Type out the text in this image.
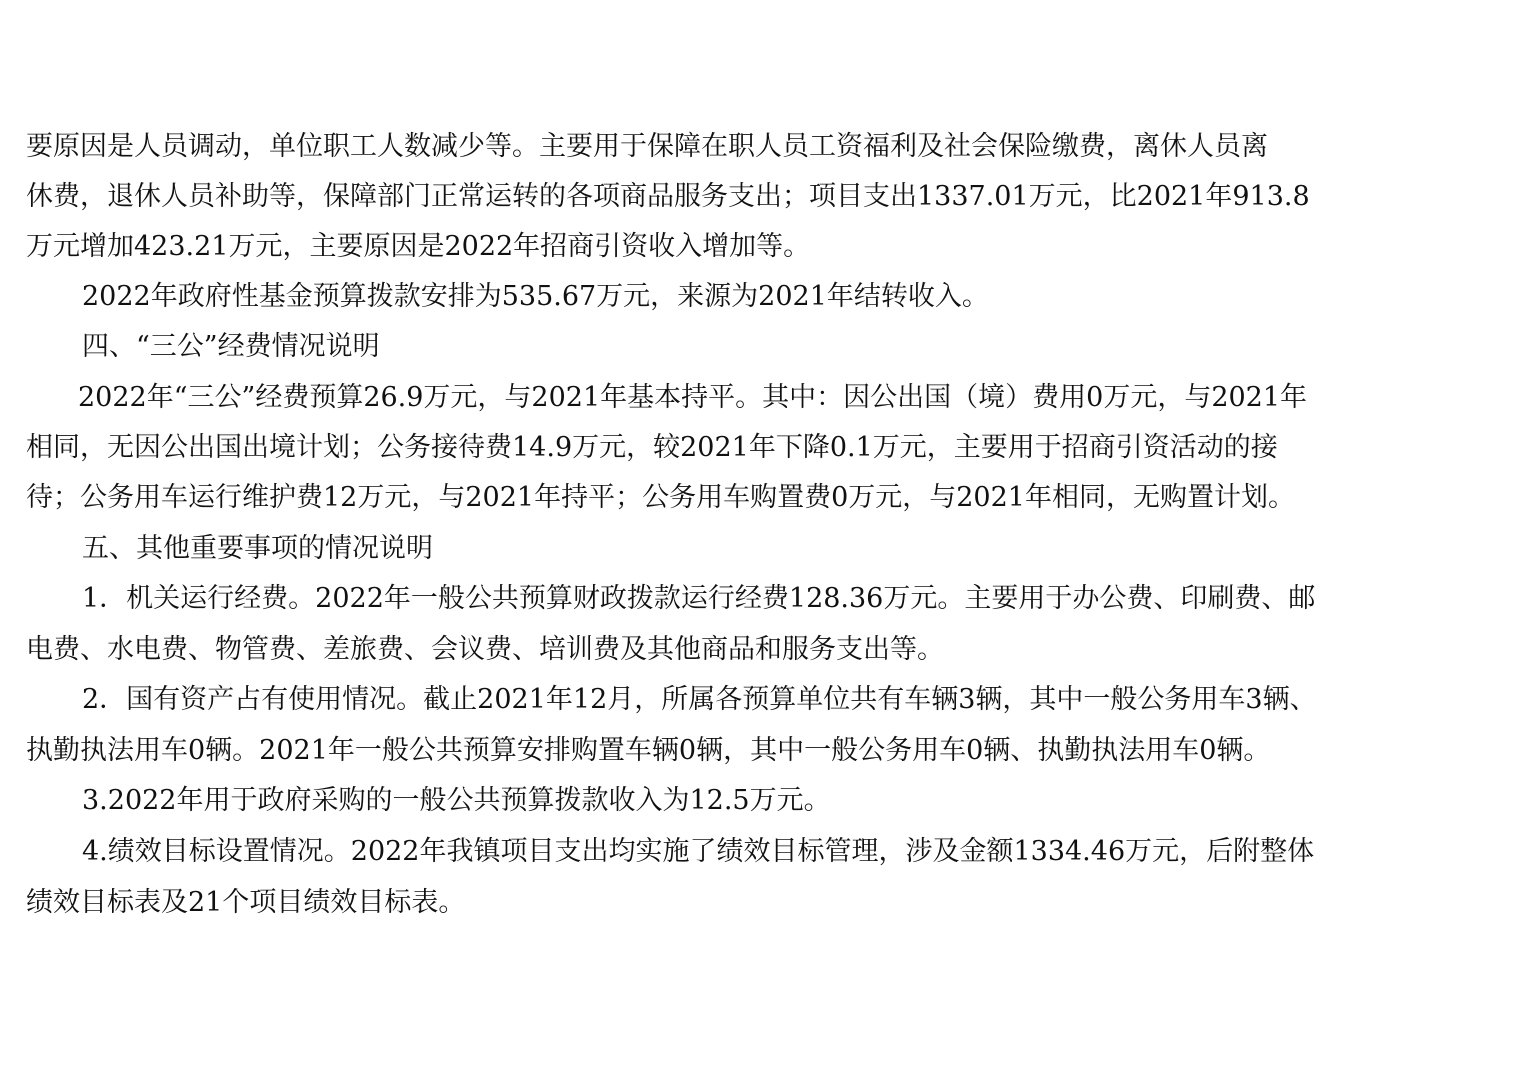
要原因是人员调动，单位职工人数减少等。主要用于保障在职人员工资福利及社会保险缴费，离休人员离
休费，退休人员补助等，保障部门正常运转的各项商品服务支出；项目支出1337.01万元，比2021年913.8
万元增加423.21万元，主要原因是2022年招商引资收入增加等。
2022年政府性基金预算拨款安排为535.67万元，来源为2021年结转收入。
四、“三公”经费情况说明
2022年“三公”经费预算26.9万元，与2021年基本持平。其中：因公出国（境）费用0万元，与2021年
相同，无因公出国出境计划；公务接待费14.9万元，较2021年下降0.1万元，主要用于招商引资活动的接
待；公务用车运行维护费12万元，与2021年持平；公务用车购置费0万元，与2021年相同，无购置计划。
五、其他重要事项的情况说明
1．机关运行经费。2022年一般公共预算财政拨款运行经费128.36万元。主要用于办公费、印刷费、邮
电费、水电费、物管费、差旅费、会议费、培训费及其他商品和服务支出等。
2．国有资产占有使用情况。截止2021年12月，所属各预算单位共有车辆3辆，其中一般公务用车3辆、
执勤执法用车0辆。2021年一般公共预算安排购置车辆0辆，其中一般公务用车0辆、执勤执法用车0辆。
3.2022年用于政府采购的一般公共预算拨款收入为12.5万元。
4.绩效目标设置情况。2022年我镇项目支出均实施了绩效目标管理，涉及金额1334.46万元，后附整体
绩效目标表及21个项目绩效目标表。
